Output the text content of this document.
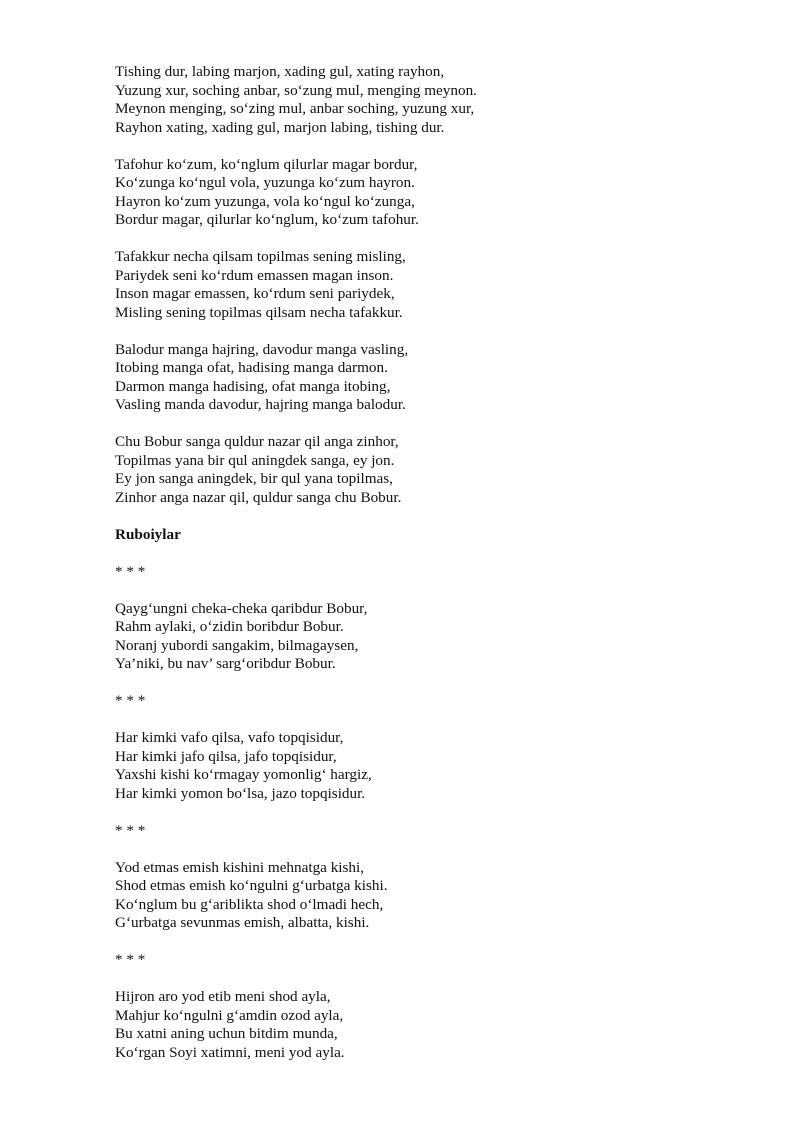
Tishing dur, labing marjon, xading gul, xating rayhon,
Yuzung xur, soching anbar, so‘zung mul, menging meynon.
Meynon menging, so‘zing mul, anbar soching, yuzung xur,
Rayhon xating, xading gul, marjon labing, tishing dur.
Tafohur ko‘zum, ko‘nglum qilurlar magar bordur,
Ko‘zunga ko‘ngul vola, yuzunga ko‘zum hayron.
Hayron ko‘zum yuzunga, vola ko‘ngul ko‘zunga,
Bordur magar, qilurlar ko‘nglum, ko‘zum tafohur.
Tafakkur necha qilsam topilmas sening misling,
Pariydek seni ko‘rdum emassen magan inson.
Inson magar emassen, ko‘rdum seni pariydek,
Misling sening topilmas qilsam necha tafakkur.
Balodur manga hajring, davodur manga vasling,
Itobing manga ofat, hadising manga darmon.
Darmon manga hadising, ofat manga itobing,
Vasling manda davodur, hajring manga balodur.
Chu Bobur sanga quldur nazar qil anga zinhor,
Topilmas yana bir qul aningdek sanga, ey jon.
Ey jon sanga aningdek, bir qul yana topilmas,
Zinhor anga nazar qil, quldur sanga chu Bobur.
Ruboiylar
* * *
Qayg‘ungni cheka-cheka qaribdur Bobur,
Rahm aylaki, o‘zidin boribdur Bobur.
Noranj yubordi sangakim, bilmagaysen,
Ya’niki, bu nav’ sarg‘oribdur Bobur.
* * *
Har kimki vafo qilsa, vafo topqisidur,
Har kimki jafo qilsa, jafo topqisidur,
Yaxshi kishi ko‘rmagay yomonlig‘ hargiz,
Har kimki yomon bo‘lsa, jazo topqisidur.
* * *
Yod etmas emish kishini mehnatga kishi,
Shod etmas emish ko‘ngulni g‘urbatga kishi.
Ko‘nglum bu g‘ariblikta shod o‘lmadi hech,
G‘urbatga sevunmas emish, albatta, kishi.
* * *
Hijron aro yod etib meni shod ayla,
Mahjur ko‘ngulni g‘amdin ozod ayla,
Bu xatni aning uchun bitdim munda,
Ko‘rgan Soyi xatimni, meni yod ayla.
